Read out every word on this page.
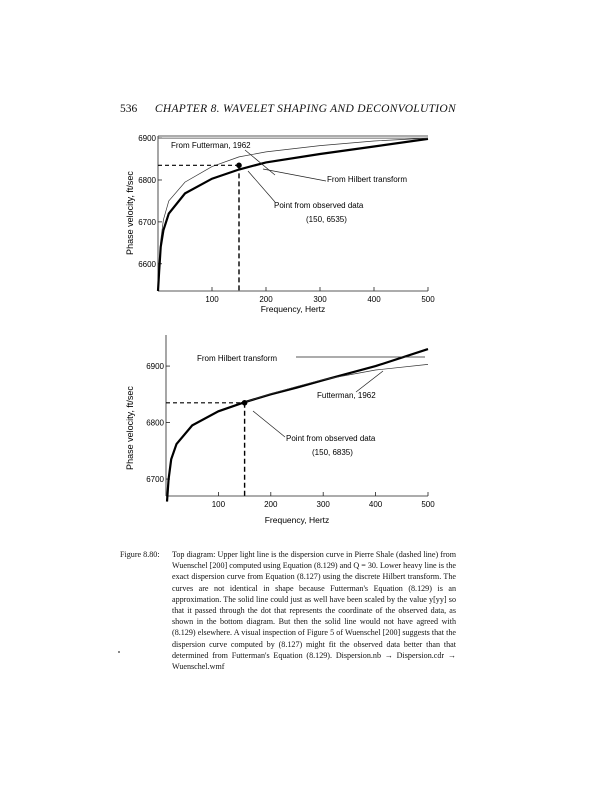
536 CHAPTER 8. WAVELET SHAPING AND DECONVOLUTION
100	200	300	400	500
6600
6700
6800
6900
Phase velocity, ft/sec
Frequency, Hertz
From Futterman, 1962
From Hilbert transform
Point from observed data
(150, 6535)
100	200	300	400	500
6700
6800
6900
Phase velocity, ft/sec
Frequency, Hertz
From Hilbert transform
Futterman, 1962
Point from observed data
(150, 6835)
Figure 8.80: Top diagram: Upper light line is the dispersion curve in Pierre Shale (dashed line) from Wuenschel [200] computed using Equation (8.129) and Q = 30. Lower heavy line is the exact dispersion curve from Equation (8.127) using the discrete Hilbert transform. The curves are not identical in shape because Futterman's Equation (8.129) is an approximation. The solid line could just as well have been scaled by the value y[yy] so that it passed through the dot that represents the coordinate of the observed data, as shown in the bottom diagram. But then the solid line would not have agreed with (8.129) elsewhere. A visual inspection of Figure 5 of Wuenschel [200] suggests that the dispersion curve computed by (8.127) might fit the observed data better than that determined from Futterman's Equation (8.129). Dispersion.nb → Dispersion.cdr → Wuenschel.wmf
